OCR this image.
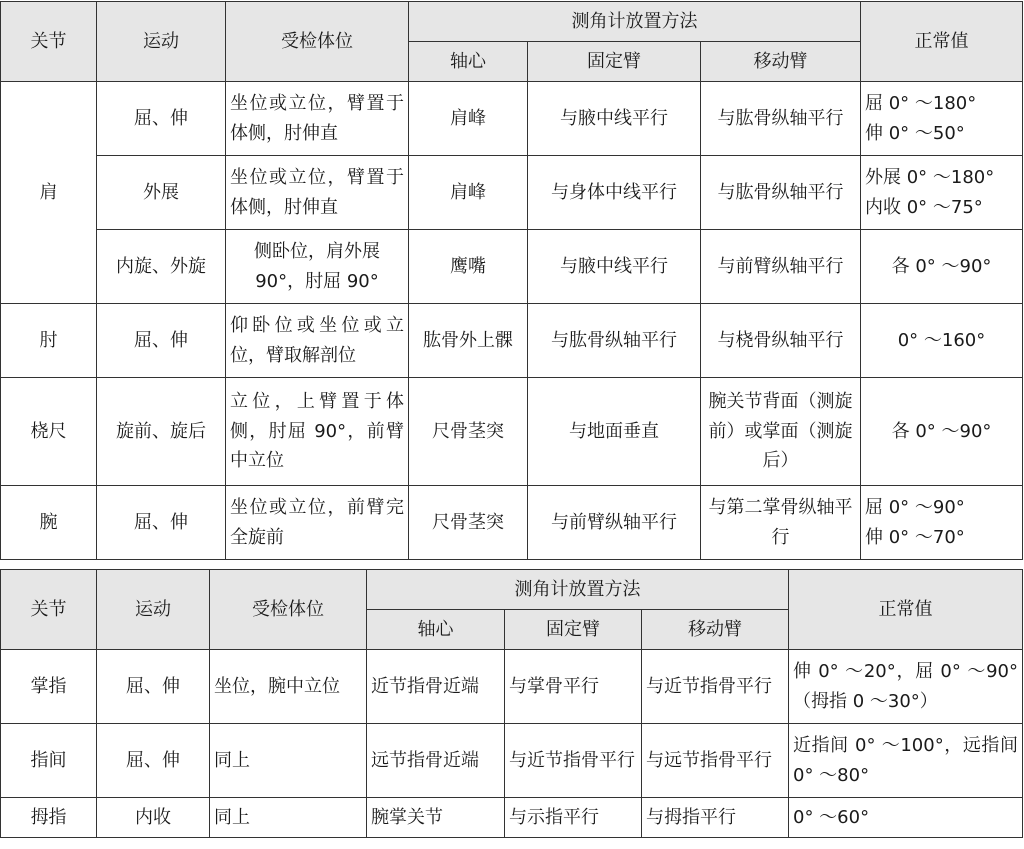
关节	运动	受检体位	测角计放置方法			正常值
			轴心	固定臂	移动臂	
肩	屈、伸	坐位或立位，臂置于体侧，肘伸直	肩峰	与腋中线平行	与肱骨纵轴平行	屈 0° ～180°
伸 0° ～50°

	外展	坐位或立位，臂置于体侧，肘伸直	肩峰	与身体中线平行	与肱骨纵轴平行	外展 0° ～180°
内收 0° ～75°

	内旋、外旋	侧卧位，肩外展 90°，肘屈 90°	鹰嘴	与腋中线平行	与前臂纵轴平行	各 0° ～90°

肘	屈、伸	仰卧位或坐位或立位，臂取解剖位	肱骨外上髁	与肱骨纵轴平行	与桡骨纵轴平行	0° ～160°

桡尺	旋前、旋后	立位，上臂置于体侧，肘屈 90°，前臂中立位	尺骨茎突	与地面垂直	腕关节背面（测旋前）或掌面（测旋后）	各 0° ～90°

腕	屈、伸	坐位或立位，前臂完全旋前	尺骨茎突	与前臂纵轴平行	与第二掌骨纵轴平行	屈 0° ～90°
伸 0° ～70°
关节	运动	受检体位	测角计放置方法			正常值
			轴心	固定臂	移动臂	
掌指	屈、伸	坐位，腕中立位	近节指骨近端	与掌骨平行	与近节指骨平行	伸 0° ～20°，屈 0° ～90°（拇指 0 ～30°）
指间	屈、伸	同上	远节指骨近端	与近节指骨平行	与远节指骨平行	近指间 0° ～100°，远指间 0° ～80°
拇指	内收	同上	腕掌关节	与示指平行	与拇指平行	0° ～60°
